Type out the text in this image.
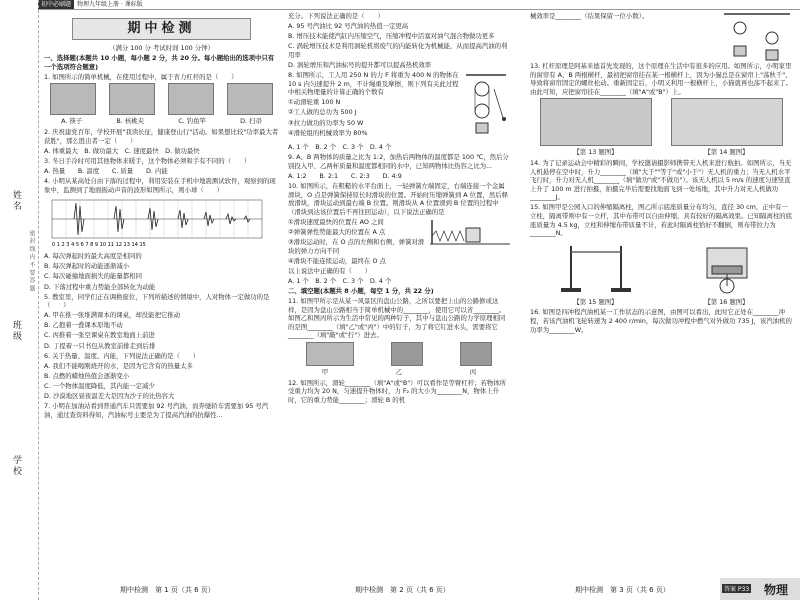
初中必刷题 $^{物理九年级上册 \cdot 课标版}$
姓名
班级
学校
密 封 线 内 不 要 答 题
期中检测

（满分 100 分 考试时间 100 分钟）

一、选择题(本题共 10 小题，每小题 2 分，共 20 分。每小题给出的选项中只有一个选项符合题意)

1. 如图所示的简单机械，在使用过程中，属于省力杠杆的是（　　）

A. 筷子	B. 核桃夹	C. 钓鱼竿	D. 扫帚

2. 庆祝建党百年，学校开展"我读长征，健康登山行"活动。如果想比较"功率最大者获胜"，那么胜出者一定（　　）

A. 体重最大　B. 做功最大　C. 速度最快　D. 做功最快

3. 冬日手冷时可用其他物体来暖手，这个物体必须和手有不同的（　　）

A. 热量　　B. 温度　　C. 质量　　D. 内能

4. 小明从某高处自由下落的过程中，利用安装在手机中地震测试软件，观察到的现象中，监测到了地面振动声音的波形如图所示，则小球（　　）

0 1 2 3 4 5 6 7 8 9 10 11 12 13 14 15

A. 每次弹起时的最大高度是相同的

B. 每次弹起时的动能逐渐减小

C. 每次碰撞地面损失的能量都相同

D. 下落过程中重力势能全部转化为动能

5. 教室里，同学们正在调换座位，下列所描述的情境中，人对物体一定做功的是（　　）

A. 甲在推一张堆满课本的课桌，却没能把它推动

B. 乙抱着一叠课本原地不动

C. 丙推着一张空课桌在教室地面上前进

D. 丁提着一只书包从教室前排走到后排

6. 关于热量、温度、内能，下列说法正确的是（　　）

A. 我们不能喝刚烧开的水，是因为它含有的热量太多

B. 点燃的蜡烛热值会逐渐变小

C. 一个物体温度降低，其内能一定减少

D. 沙漠地区昼夜温差大是因为沙子的比热容大

7. 小明在加油站看到普通汽车只需要加 92 号汽油，而奔驰轿车需要加 95 号汽油，通过查资料得知，汽油标号主要是为了提高汽油的抗爆性...

充分。下列说法正确的是（　　）

A. 95 号汽油比 92 号汽油的热值一定更高

B. 增压技术能使汽缸内压缩空气，压缩冲程中活塞对油气混合物做功更多

C. 涡轮增压技术是利用涡轮机将废气的内能转化为机械能，从而提高汽油的利用率

D. 涡轮增压和汽油标号的提升都可以提高热机效率

8. 如图所示，工人用 250 N 的力 F 将重为 400 N 的物体在 10 s 内匀速提升 2 m，不计绳重及摩擦，则下列有关此过程中相关物理量的计算正确的个数有

①动滑轮重 100 N

②工人做的总功为 500 J

③拉力做功的功率为 50 W

④滑轮组的机械效率为 80%

A. 1 个　B. 2 个　C. 3 个　D. 4 个

9. A、B 两物体的质量之比为 1:2，加热后两物体的温度都是 100 ℃，然后分别投入甲、乙两杯质量和温度都相同的水中，已知两物体比热容之比为...

A. 1:2　　B. 2:1　　C. 2:3　　D. 4:9

10. 如图所示，在粗糙的水平台面上，一轻弹簧左端固定，右端连接一个金属滑块，O 点是弹簧保持原长时滑块的位置。开始时压缩弹簧到 A 位置，然后释放滑块，滑块运动到最右端 B 位置。则滑块从 A 位置滑到 B 位置的过程中（滑块到达该位置后不再往回运动），以下说法正确的是

①滑块速度最快的位置在 AO 之间

②弹簧弹性势能最大的位置在 A 点

③滑块运动时，在 O 点的左侧和右侧，弹簧对滑块的弹力方向不同

④滑块不能连续运动，最终在 O 点

以上说法中正确的有（　　）

A. 1 个　B. 2 个　C. 3 个　D. 4 个

二、填空题(本题共 8 小题，每空 1 分，共 22 分)

11. 如图甲所示是从某一风景区的盘山公路，之所以要把上山的公路修成这样，是因为盘山公路相当于简单机械中的________，使用它可以省________。如图乙和图丙所示为生活中常见的两种钉子，其中与盘山公路的力学原理相同的是图________（填"乙"或"丙"）中的钉子，为了将它钉进木头，需要将它________（填"敲"或"拧"）进去。

甲	乙	丙

12. 如图所示，滑轮________（填"A"或"B"）可以看作是等臂杠杆；若物体所受重力均为 20 N，匀速提升物体时，力 F₂ 的大小为________N，物体上升时，它的重力势能________；滑轮 B 的机

械效率是________（结果保留一位小数）。

13. 杠杆原理是阿基米德首先发现的，这个原理在生活中有很多的应用。如图所示，小明家里的窗帘有 A、B 两根横杆，最初把窗帘挂在某一根横杆上，因为小猫总是在窗帘上"荡秋千"，导致将窗帘固定的螺丝松动。重新固定后，小明又利用一根横杆上，小猫就再也荡不起来了。由此可知，应把窗帘挂在________（填"A"或"B"）上。

【第 13 题图】	【第 14 题图】

14. 为了记录运动会中精彩的瞬间，学校邀请摄影师携带无人机来进行航拍。如图所示，当无人机悬停在空中时，升力________（填"大于""等于"或"小于"）无人机的重力；当无人机水平飞行时，升力对无人机________（填"做功"或"不做功"）。该无人机以 5 m/s 的速度匀速竖直上升了 100 m 进行拍摄，拍摄完毕后需要找地面飞到一处场地，其中升力对无人机做功________J。

15. 如图甲是公园入口的伸缩隔离柱，图乙所示底座质量分布均匀，直径 30 cm，正中有一立柱，隔离带则中有一立杆，其中布带可以自由伸缩，具有较好的隔离效果。已知隔离柱的底座质量为 4.5 kg，立柱和伸缩布带质量不计，若此时隔离柱恰好不翻倒，则布带拉力为________N。

【第 15 题图】	【第 16 题图】

16. 如图是四冲程汽油机某一工作状态的示意图，由图可以看出，此时它正处在________冲程，若该汽油机飞轮转速为 2 400 r/min，每次做功冲程中燃气对外做功 735 J，该汽油机的功率为________W。

期中检测　第 1 页（共 6 页）	期中检测　第 2 页（共 6 页）	期中检测　第 3 页（共 6 页）	答案 P33 物理
